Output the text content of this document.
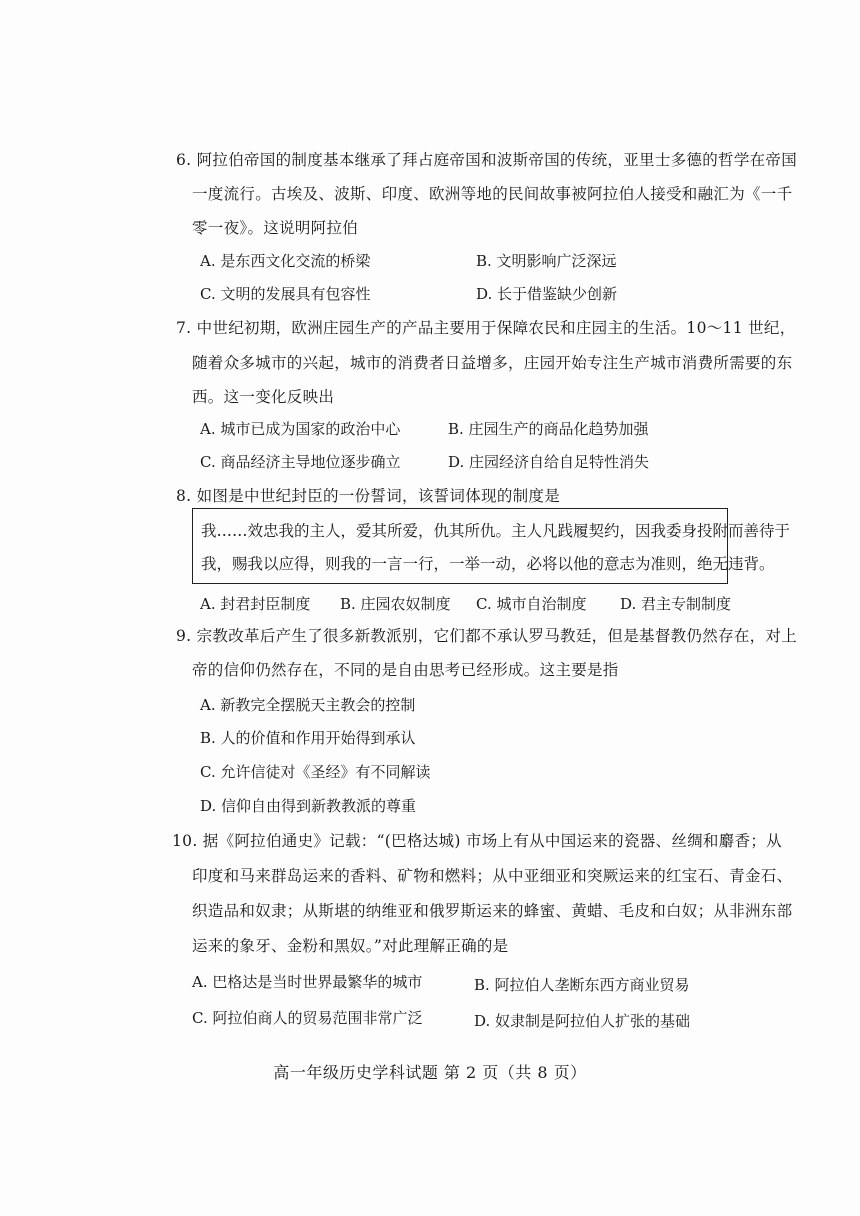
6. 阿拉伯帝国的制度基本继承了拜占庭帝国和波斯帝国的传统，亚里士多德的哲学在帝国
一度流行。古埃及、波斯、印度、欧洲等地的民间故事被阿拉伯人接受和融汇为《一千
零一夜》。这说明阿拉伯
A. 是东西文化交流的桥梁	B. 文明影响广泛深远
C. 文明的发展具有包容性	D. 长于借鉴缺少创新
7. 中世纪初期，欧洲庄园生产的产品主要用于保障农民和庄园主的生活。10～11 世纪，
随着众多城市的兴起，城市的消费者日益增多，庄园开始专注生产城市消费所需要的东
西。这一变化反映出
A. 城市已成为国家的政治中心	B. 庄园生产的商品化趋势加强
C. 商品经济主导地位逐步确立	D. 庄园经济自给自足特性消失
8. 如图是中世纪封臣的一份誓词，该誓词体现的制度是
我……效忠我的主人，爱其所爱，仇其所仇。主人凡践履契约，因我委身投附而善待于
我，赐我以应得，则我的一言一行，一举一动，必将以他的意志为准则，绝无违背。
A. 封君封臣制度 B. 庄园农奴制度 C. 城市自治制度 D. 君主专制制度
9. 宗教改革后产生了很多新教派别，它们都不承认罗马教廷，但是基督教仍然存在，对上
帝的信仰仍然存在，不同的是自由思考已经形成。这主要是指
A. 新教完全摆脱天主教会的控制
B. 人的价值和作用开始得到承认
C. 允许信徒对《圣经》有不同解读
D. 信仰自由得到新教教派的尊重
10. 据《阿拉伯通史》记载：“(巴格达城) 市场上有从中国运来的瓷器、丝绸和麝香；从
印度和马来群岛运来的香料、矿物和燃料；从中亚细亚和突厥运来的红宝石、青金石、
织造品和奴隶；从斯堪的纳维亚和俄罗斯运来的蜂蜜、黄蜡、毛皮和白奴；从非洲东部
运来的象牙、金粉和黑奴。”对此理解正确的是
A. 巴格达是当时世界最繁华的城市	B. 阿拉伯人垄断东西方商业贸易
C. 阿拉伯商人的贸易范围非常广泛	D. 奴隶制是阿拉伯人扩张的基础
高一年级历史学科试题 第 2 页（共 8 页）
